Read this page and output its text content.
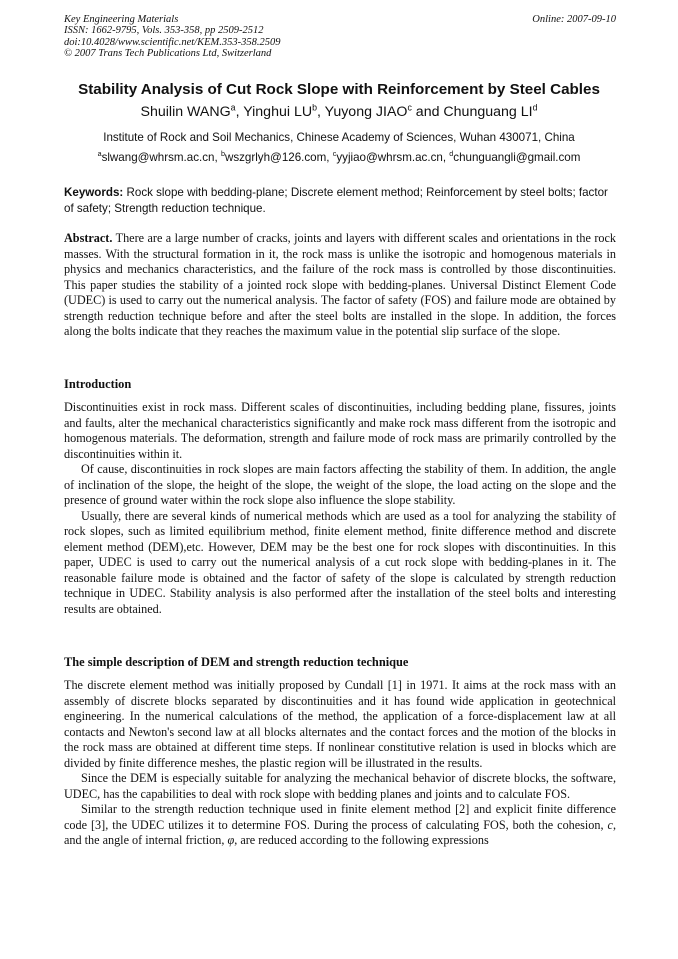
Key Engineering Materials
ISSN: 1662-9795, Vols. 353-358, pp 2509-2512
doi:10.4028/www.scientific.net/KEM.353-358.2509
© 2007 Trans Tech Publications Ltd, Switzerland
Online: 2007-09-10
Stability Analysis of Cut Rock Slope with Reinforcement by Steel Cables
Shuilin WANG$^a$, Yinghui $LU^b$, Yuyong JIAO$^c$ and Chunguang $LI^d$
Institute of Rock and Soil Mechanics, Chinese Academy of Sciences, Wuhan 430071, China
$^a$slwang@whrsm.ac.cn, $^b$wszgrlyh@126.com, $^c$yyjiao@whrsm.ac.cn, $^d$chunguangli@gmail.com
Keywords: Rock slope with bedding-plane; Discrete element method; Reinforcement by steel bolts; factor of safety; Strength reduction technique.

Abstract. There are a large number of cracks, joints and layers with different scales and orientations in the rock masses. With the structural formation in it, the rock mass is unlike the isotropic and homogenous materials in physics and mechanics characteristics, and the failure of the rock mass is controlled by those discontinuities. This paper studies the stability of a jointed rock slope with bedding-planes. Universal Distinct Element Code (UDEC) is used to carry out the numerical analysis. The factor of safety (FOS) and failure mode are obtained by strength reduction technique before and after the steel bolts are installed in the slope. In addition, the forces along the bolts indicate that they reaches the maximum value in the potential slip surface of the slope.

Introduction

Discontinuities exist in rock mass. Different scales of discontinuities, including bedding plane, fissures, joints and faults, alter the mechanical characteristics significantly and make rock mass different from the isotropic and homogenous materials. The deformation, strength and failure mode of rock mass are primarily controlled by the discontinuities within it.

Of cause, discontinuities in rock slopes are main factors affecting the stability of them. In addition, the angle of inclination of the slope, the height of the slope, the weight of the slope, the load acting on the slope and the presence of ground water within the rock slope also influence the slope stability.

Usually, there are several kinds of numerical methods which are used as a tool for analyzing the stability of rock slopes, such as limited equilibrium method, finite element method, finite difference method and discrete element method (DEM),etc. However, DEM may be the best one for rock slopes with discontinuities. In this paper, UDEC is used to carry out the numerical analysis of a cut rock slope with bedding-planes in it. The reasonable failure mode is obtained and the factor of safety of the slope is calculated by strength reduction technique in UDEC. Stability analysis is also performed after the installation of the steel bolts and interesting results are obtained.

The simple description of DEM and strength reduction technique

The discrete element method was initially proposed by Cundall [1] in 1971. It aims at the rock mass with an assembly of discrete blocks separated by discontinuities and it has found wide application in geotechnical engineering. In the numerical calculations of the method, the application of a force-displacement law at all contacts and Newton's second law at all blocks alternates and the contact forces and the motion of the blocks in the rock mass are obtained at different time steps. If nonlinear constitutive relation is used in blocks which are divided by finite difference meshes, the plastic region will be illustrated in the results.

Since the DEM is especially suitable for analyzing the mechanical behavior of discrete blocks, the software, UDEC, has the capabilities to deal with rock slope with bedding planes and joints and to calculate FOS.

Similar to the strength reduction technique used in finite element method [2] and explicit finite difference code [3], the UDEC utilizes it to determine FOS. During the process of calculating FOS, both the cohesion, c, and the angle of internal friction, φ, are reduced according to the following expressions
